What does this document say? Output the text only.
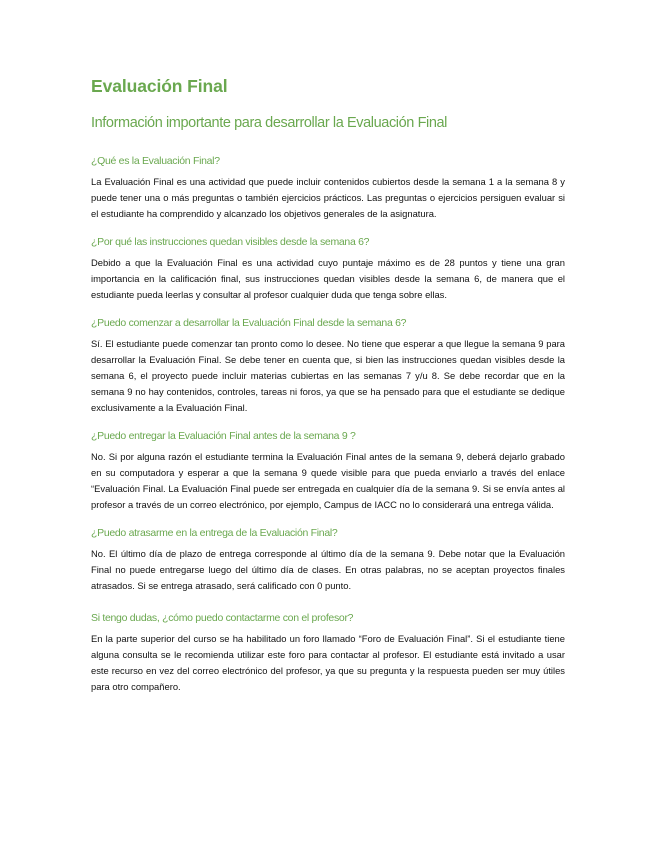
Evaluación Final
Información importante para desarrollar la Evaluación Final
¿Qué es la Evaluación Final?

La Evaluación Final es una actividad que puede incluir contenidos cubiertos desde la semana 1 a la semana 8 y puede tener una o más preguntas o también ejercicios prácticos. Las preguntas o ejercicios persiguen evaluar si el estudiante ha comprendido y alcanzado los objetivos generales de la asignatura.

¿Por qué las instrucciones quedan visibles desde la semana 6?

Debido a que la Evaluación Final es una actividad cuyo puntaje máximo es de 28 puntos y tiene una gran importancia en la calificación final, sus instrucciones quedan visibles desde la semana 6, de manera que el estudiante pueda leerlas y consultar al profesor cualquier duda que tenga sobre ellas.

¿Puedo comenzar a desarrollar la Evaluación Final desde la semana 6?

Sí. El estudiante puede comenzar tan pronto como lo desee. No tiene que esperar a que llegue la semana 9 para desarrollar la Evaluación Final. Se debe tener en cuenta que, si bien las instrucciones quedan visibles desde la semana 6, el proyecto puede incluir materias cubiertas en las semanas 7 y/u 8. Se debe recordar que en la semana 9 no hay contenidos, controles, tareas ni foros, ya que se ha pensado para que el estudiante se dedique exclusivamente a la Evaluación Final.

¿Puedo entregar la Evaluación Final antes de la semana 9 ?

No. Si por alguna razón el estudiante termina la Evaluación Final antes de la semana 9, deberá dejarlo grabado en su computadora y esperar a que la semana 9 quede visible para que pueda enviarlo a través del enlace “Evaluación Final. La Evaluación Final puede ser entregada en cualquier día de la semana 9. Si se envía antes al profesor a través de un correo electrónico, por ejemplo, Campus de IACC no lo considerará una entrega válida.

¿Puedo atrasarme en la entrega de la Evaluación Final?

No. El último día de plazo de entrega corresponde al último día de la semana 9. Debe notar que la Evaluación Final no puede entregarse luego del último día de clases. En otras palabras, no se aceptan proyectos finales atrasados. Si se entrega atrasado, será calificado con 0 punto.

Si tengo dudas, ¿cómo puedo contactarme con el profesor?

En la parte superior del curso se ha habilitado un foro llamado “Foro de Evaluación Final”. Si el estudiante tiene alguna consulta se le recomienda utilizar este foro para contactar al profesor. El estudiante está invitado a usar este recurso en vez del correo electrónico del profesor, ya que su pregunta y la respuesta pueden ser muy útiles para otro compañero.
